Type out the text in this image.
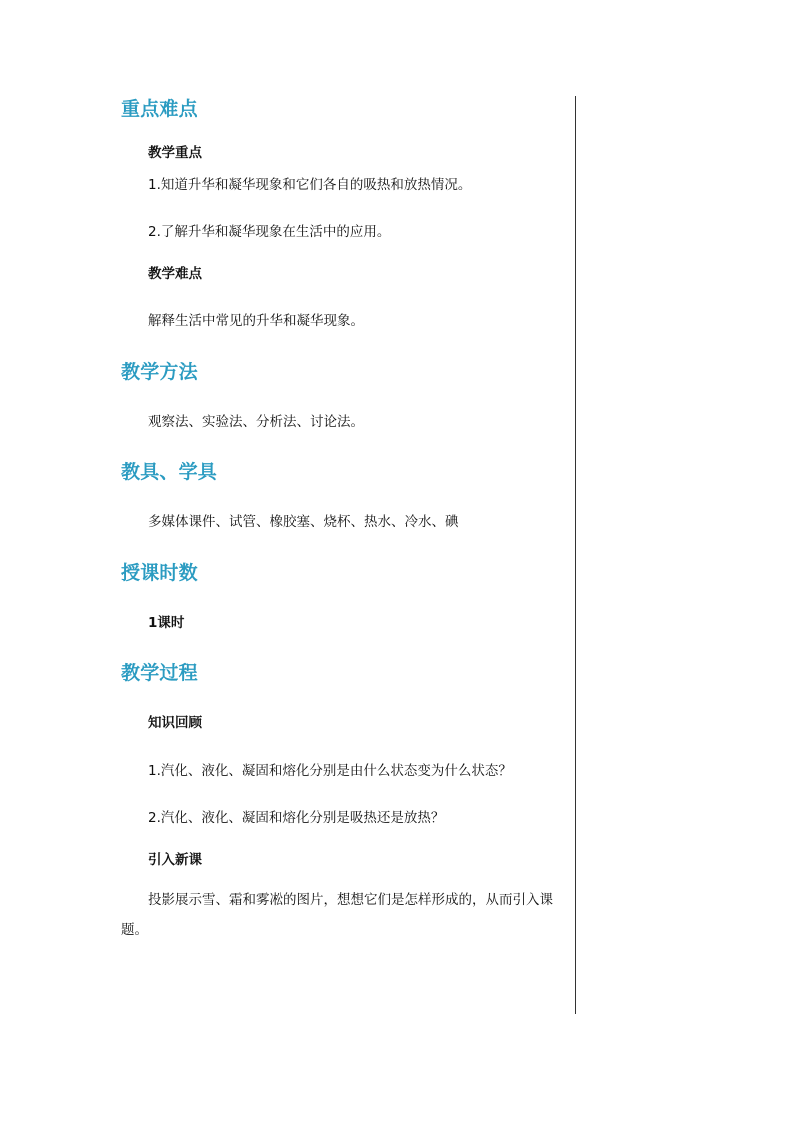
重点难点
教学重点
1.知道升华和凝华现象和它们各自的吸热和放热情况。
2.了解升华和凝华现象在生活中的应用。
教学难点
解释生活中常见的升华和凝华现象。
教学方法
观察法、实验法、分析法、讨论法。
教具、学具
多媒体课件、试管、橡胶塞、烧杯、热水、冷水、碘
授课时数
1课时
教学过程
知识回顾
1.汽化、液化、凝固和熔化分别是由什么状态变为什么状态？
2.汽化、液化、凝固和熔化分别是吸热还是放热？
引入新课
投影展示雪、霜和雾凇的图片，想想它们是怎样形成的，从而引入课题。
